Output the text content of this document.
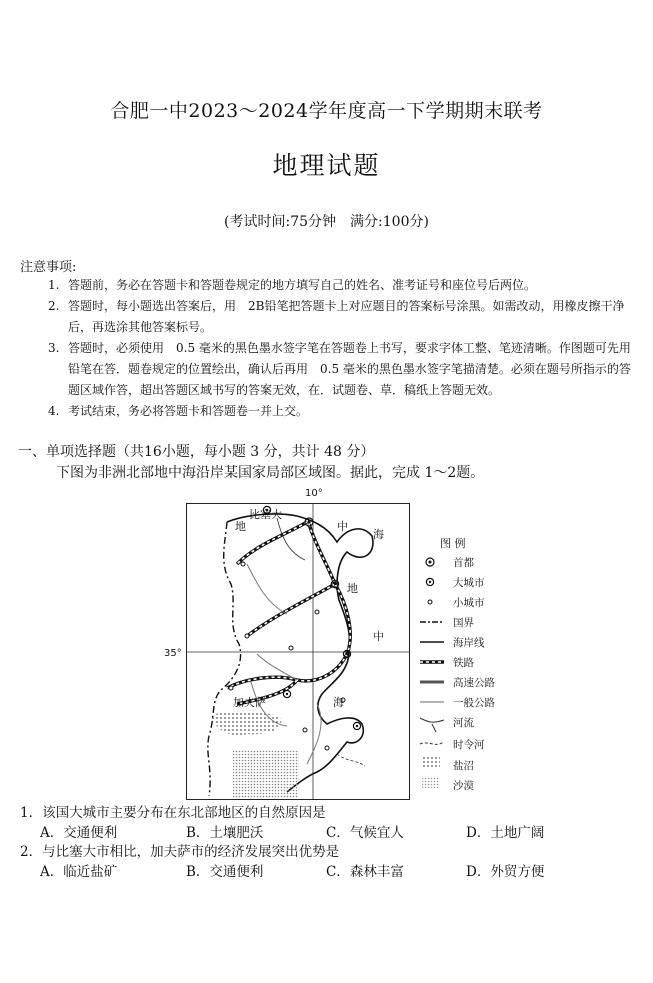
合肥一中2023～2024学年度高一下学期期末联考
地理试题
(考试时间:75分钟　满分:100分)
注意事项:
1. 答题前，务必在答题卡和答题卷规定的地方填写自己的姓名、准考证号和座位号后两位。
2. 答题时，每小题选出答案后，用　2B铅笔把答题卡上对应题目的答案标号涂黑。如需改动，用橡皮擦干净后，再选涂其他答案标号。
3. 答题时，必须使用　0.5 毫米的黑色墨水签字笔在答题卷上书写，要求字体工整、笔迹清晰。作图题可先用铅笔在答．题卷规定的位置绘出，确认后再用　0.5 毫米的黑色墨水签字笔描清楚。必须在题号所指示的答题区域作答，超出答题区域书写的答案无效，在．试题卷、草．稿纸上答题无效。
4. 考试结束，务必将答题卡和答题卷一并上交。
一、单项选择题（共16小题，每小题 3 分，共计 48 分）
下图为非洲北部地中海沿岸某国家局部区域图。据此，完成 1～2题。
10°
35°
比塞大
地	中
海
地
中
海
加夫萨
图 例
首都
大城市
小城市
国界
海岸线
铁路
高速公路
一般公路
河流
时令河
盐沼
沙漠
1．该国大城市主要分布在东北部地区的自然原因是
A．交通便利	B．土壤肥沃	C．气候宜人	D．土地广阔
2．与比塞大市相比，加夫萨市的经济发展突出优势是
A．临近盐矿	B．交通便利	C．森林丰富	D．外贸方便
